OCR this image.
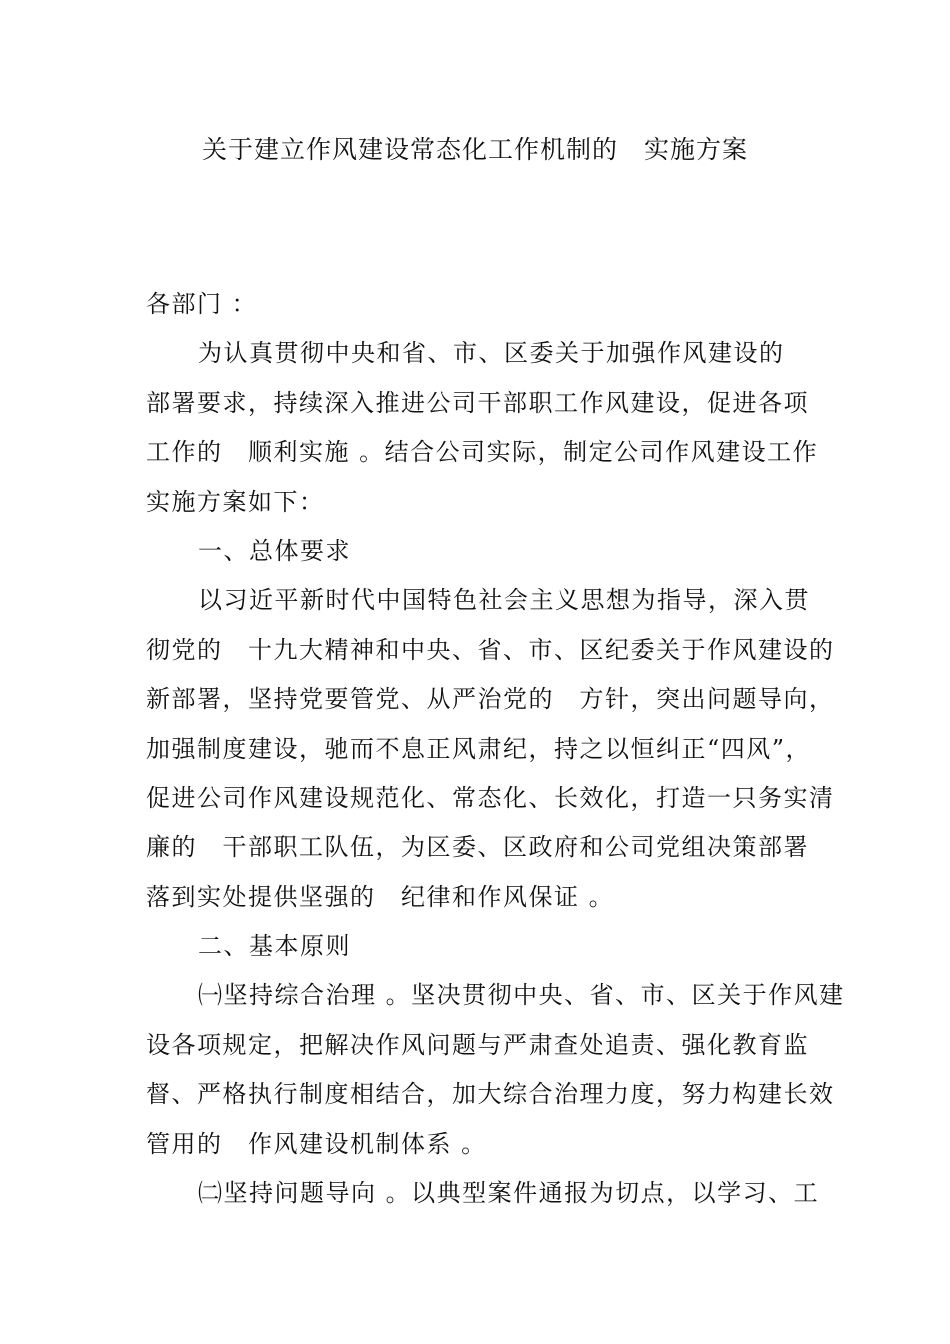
关于建立作风建设常态化工作机制的　实施方案
各部门 ：
为认真贯彻中央和省、市、区委关于加强作风建设的
部署要求，持续深入推进公司干部职工作风建设，促进各项
工作的　顺利实施 。结合公司实际，制定公司作风建设工作
实施方案如下：
一、总体要求
以习近平新时代中国特色社会主义思想为指导，深入贯
彻党的　十九大精神和中央、省、市、区纪委关于作风建设的
新部署，坚持党要管党、从严治党的　方针，突出问题导向，
加强制度建设，驰而不息正风肃纪，持之以恒纠正“四风”，
促进公司作风建设规范化、常态化、长效化，打造一只务实清
廉的　干部职工队伍，为区委、区政府和公司党组决策部署
落到实处提供坚强的　纪律和作风保证 。
二、基本原则
㈠坚持综合治理 。坚决贯彻中央、省、市、区关于作风建
设各项规定，把解决作风问题与严肃查处追责、强化教育监
督、严格执行制度相结合，加大综合治理力度，努力构建长效
管用的　作风建设机制体系 。
㈡坚持问题导向 。以典型案件通报为切点，以学习、工
